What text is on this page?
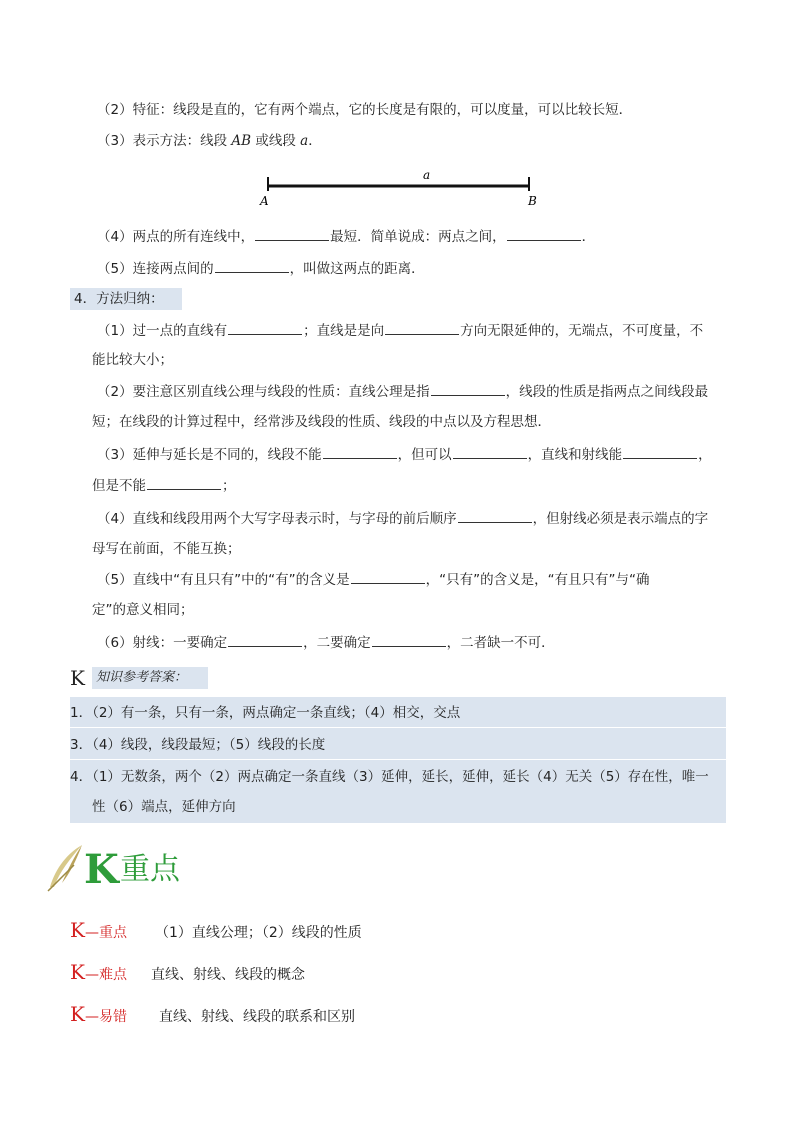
（2）特征：线段是直的，它有两个端点，它的长度是有限的，可以度量，可以比较长短．
（3）表示方法：线段 AB 或线段 a．
a
A	B
（4）两点的所有连线中，	最短．简单说成：两点之间，	．
（5）连接两点间的	，叫做这两点的距离．
4．方法归纳：
（1）过一点的直线有	；直线是是向	方向无限延伸的，无端点，不可度量，不
能比较大小；
（2）要注意区别直线公理与线段的性质：直线公理是指	，线段的性质是指两点之间线段最
短；在线段的计算过程中，经常涉及线段的性质、线段的中点以及方程思想．
（3）延伸与延长是不同的，线段不能	，但可以	，直线和射线能	，
但是不能	；
（4）直线和线段用两个大写字母表示时，与字母的前后顺序	，但射线必须是表示端点的字
母写在前面，不能互换；
（5）直线中“有且只有”中的“有”的含义是	，“只有”的含义是，“有且只有”与“确
定”的意义相同；
（6）射线：一要确定	，二要确定	，二者缺一不可．
K 知识参考答案：
1．（2）有一条，只有一条，两点确定一条直线；（4）相交，交点
3．（4）线段，线段最短；（5）线段的长度
4．（1）无数条，两个（2）两点确定一条直线（3）延伸，延长，延伸，延长（4）无关（5）存在性，唯一
性（6）端点，延伸方向
K 重点
K—重点 （1）直线公理；（2）线段的性质
K—难点 直线、射线、线段的概念
K—易错 直线、射线、线段的联系和区别
